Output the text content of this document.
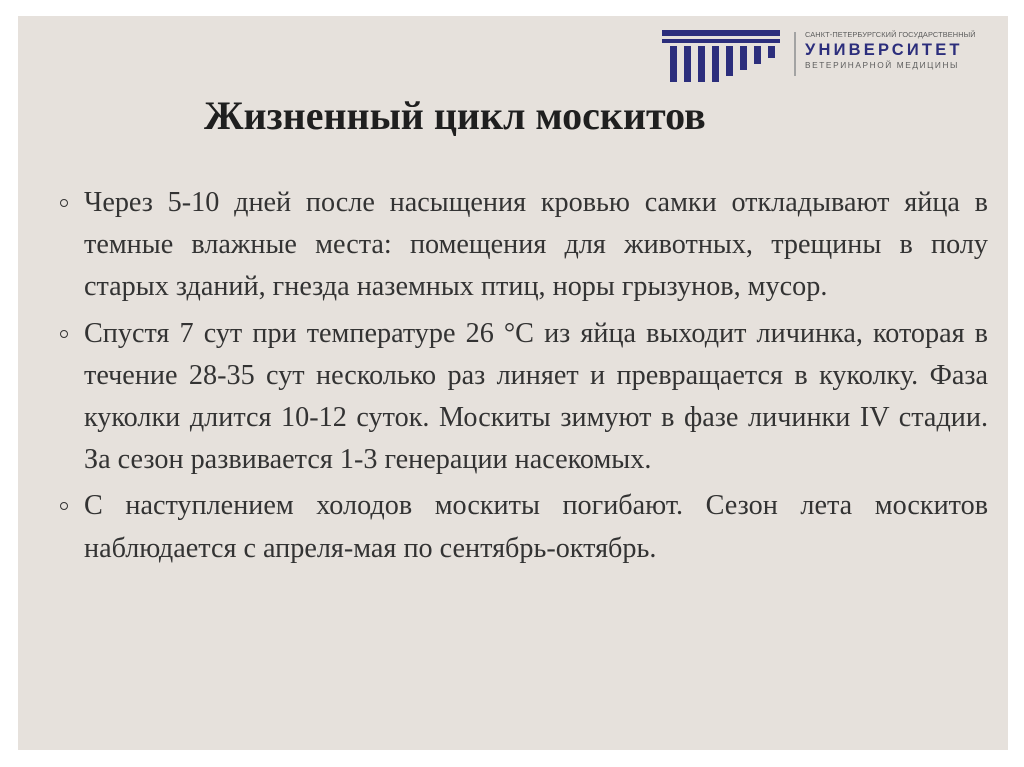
САНКТ-ПЕТЕРБУРГСКИЙ ГОСУДАРСТВЕННЫЙ
УНИВЕРСИТЕТ
ВЕТЕРИНАРНОЙ МЕДИЦИНЫ
Жизненный цикл москитов
Через 5-10 дней после насыщения кровью самки откладывают яйца в темные влажные места: помещения для животных, трещины в полу старых зданий, гнезда наземных птиц, норы грызунов, мусор.
Спустя 7 сут при температуре 26 °С из яйца выходит личинка, которая в течение 28-35 сут несколько раз линяет и превращается в куколку. Фаза куколки длится 10-12 суток. Москиты зимуют в фазе личинки IV стадии. За сезон развивается 1-3 генерации насекомых.
С наступлением холодов москиты погибают. Сезон лета москитов наблюдается с апреля-мая по сентябрь-октябрь.
